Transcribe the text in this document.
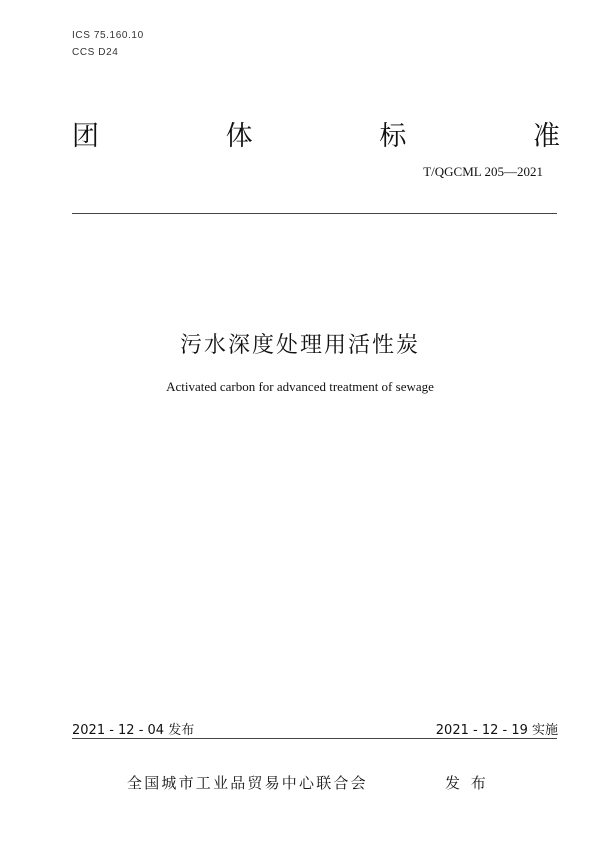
ICS 75.160.10
CCS D24
团	体	标	准
T/QGCML 205—2021
污水深度处理用活性炭
Activated carbon for advanced treatment of sewage
2021 - 12 - 04 发布	2021 - 12 - 19 实施
全国城市工业品贸易中心联合会	发 布
